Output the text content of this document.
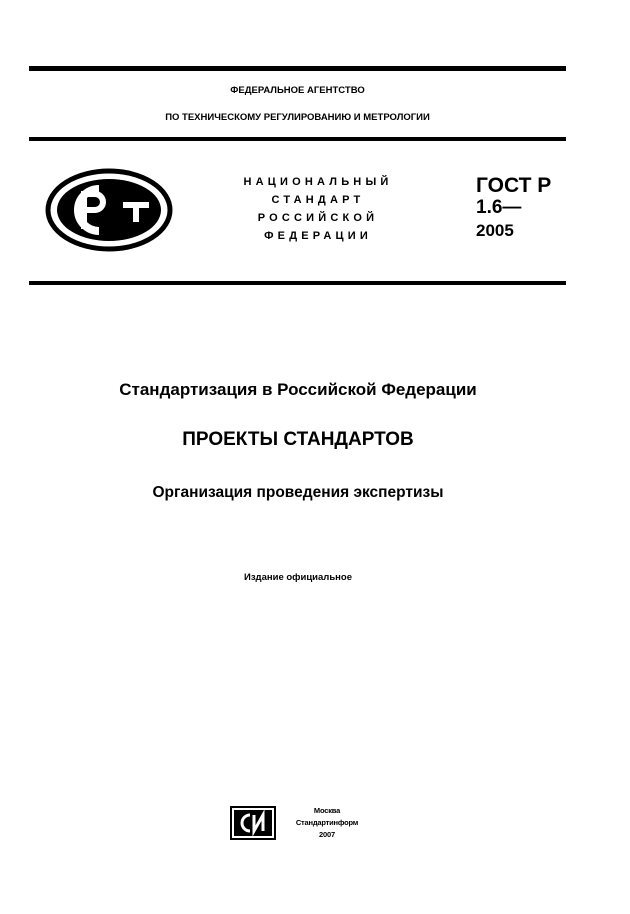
ФЕДЕРАЛЬНОЕ АГЕНТСТВО
ПО ТЕХНИЧЕСКОМУ РЕГУЛИРОВАНИЮ И МЕТРОЛОГИИ
НАЦИОНАЛЬНЫЙ
СТАНДАРТ
РОССИЙСКОЙ
ФЕДЕРАЦИИ
ГОСТ Р
1.6—
2005
Стандартизация в Российской Федерации
ПРОЕКТЫ СТАНДАРТОВ
Организация проведения экспертизы
Издание официальное
Москва
Стандартинформ
2007
